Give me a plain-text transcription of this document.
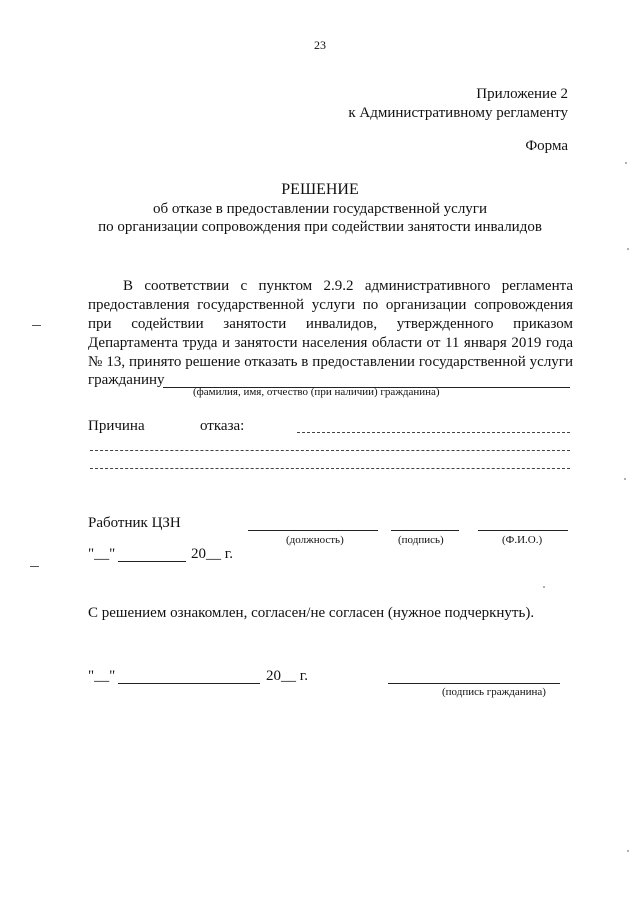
23
Приложение 2
к Административному регламенту
Форма
РЕШЕНИЕ
об отказе в предоставлении государственной услуги
по организации сопровождения при содействии занятости инвалидов
В соответствии с пунктом 2.9.2 административного регламента
предоставления государственной услуги по организации сопровождения
при содействии занятости инвалидов, утвержденного приказом
Департамента труда и занятости населения области от 11 января 2019 года
№ 13, принято решение отказать в предоставлении государственной услуги
гражданину
(фамилия, имя, отчество (при наличии) гражданина)
Причина	отказа:
Работник ЦЗН
(должность)	(подпись)	(Ф.И.О.)
"__"	20__ г.
С решением ознакомлен, согласен/не согласен (нужное подчеркнуть).
"__"	20__ г.
(подпись гражданина)
